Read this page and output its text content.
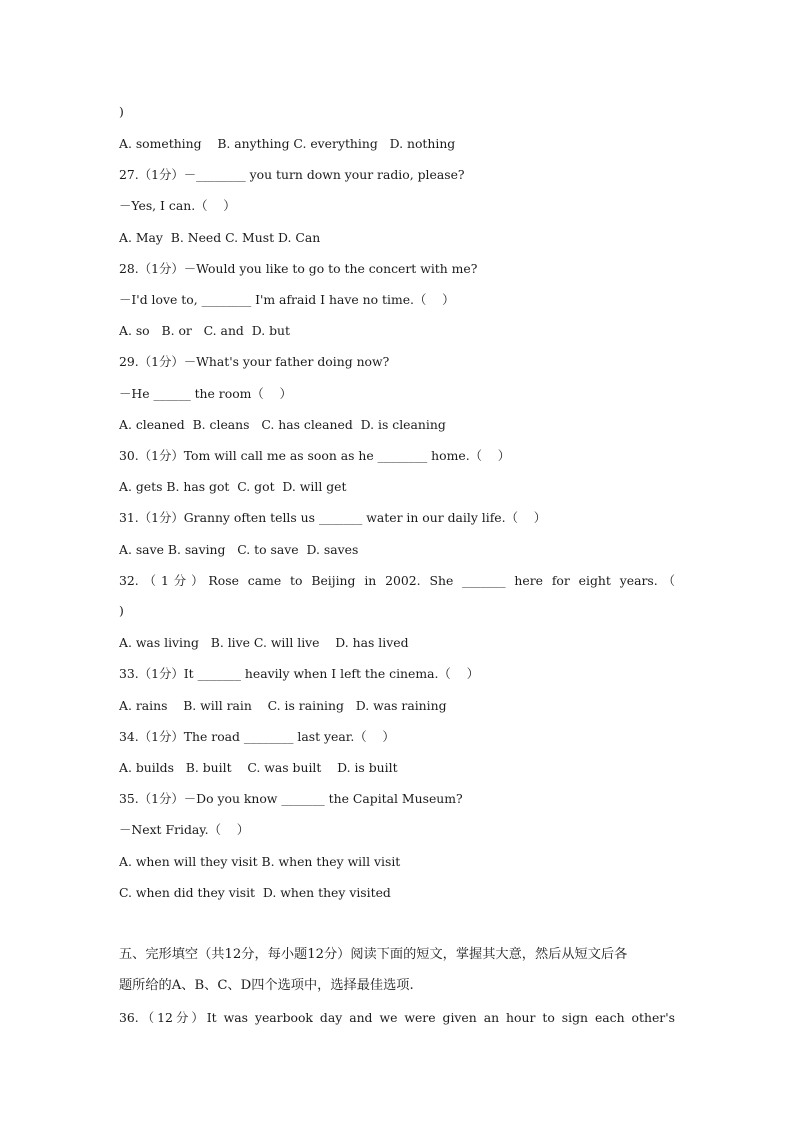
)
A. something    B. anything C. everything   D. nothing
27.（1分）－________ you turn down your radio, please?
－Yes, I can.（    ）
A. May  B. Need C. Must D. Can
28.（1分）－Would you like to go to the concert with me?
－I'd love to, ________ I'm afraid I have no time.（    ）
A. so   B. or   C. and  D. but
29.（1分）－What's your father doing now?
－He ______ the room（    ）
A. cleaned  B. cleans   C. has cleaned  D. is cleaning
30.（1分）Tom will call me as soon as he ________ home.（    ）
A. gets B. has got  C. got  D. will get
31.（1分）Granny often tells us _______ water in our daily life.（    ）
A. save B. saving   C. to save  D. saves
32.（1分）Rose came to Beijing in 2002. She _______ here for eight years.（
)
A. was living   B. live C. will live    D. has lived
33.（1分）It _______ heavily when I left the cinema.（    ）
A. rains    B. will rain    C. is raining   D. was raining
34.（1分）The road ________ last year.（    ）
A. builds   B. built    C. was built    D. is built
35.（1分）－Do you know _______ the Capital Museum?
－Next Friday.（    ）
A. when will they visit B. when they will visit
C. when did they visit  D. when they visited
五、完形填空（共12分，每小题12分）阅读下面的短文，掌握其大意，然后从短文后各
题所给的A、B、C、D四个选项中，选择最佳选项.
36.（12分）It was yearbook day and we were given an hour to sign each other's
